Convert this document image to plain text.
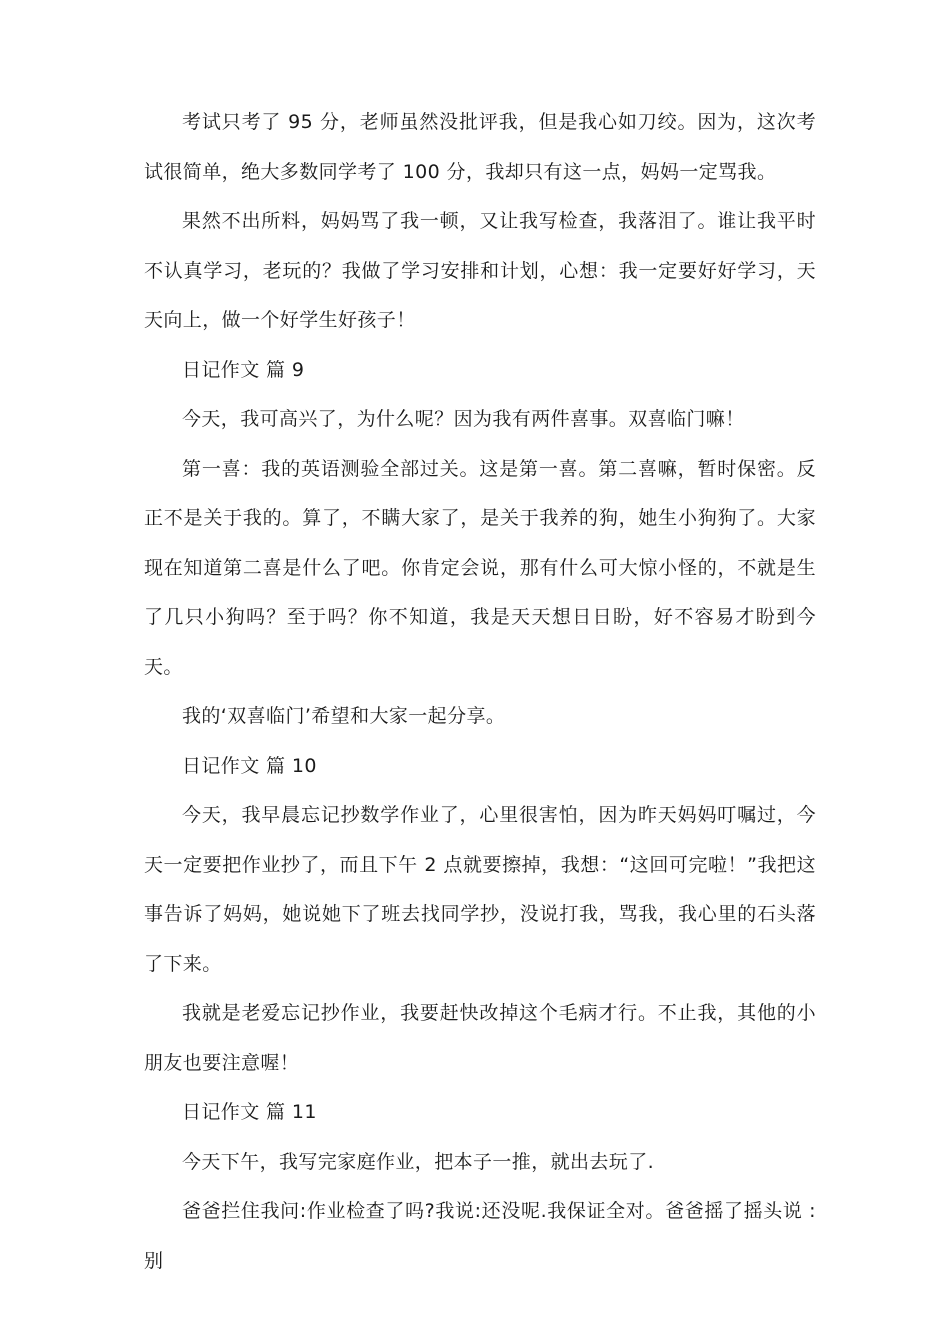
考试只考了 95 分，老师虽然没批评我，但是我心如刀绞。因为，这次考试很简单，绝大多数同学考了 100 分，我却只有这一点，妈妈一定骂我。

果然不出所料，妈妈骂了我一顿，又让我写检查，我落泪了。谁让我平时不认真学习，老玩的？我做了学习安排和计划，心想：我一定要好好学习，天天向上，做一个好学生好孩子！

日记作文 篇 9

今天，我可高兴了，为什么呢？因为我有两件喜事。双喜临门嘛！

第一喜：我的英语测验全部过关。这是第一喜。第二喜嘛，暂时保密。反正不是关于我的。算了，不瞒大家了，是关于我养的狗，她生小狗狗了。大家现在知道第二喜是什么了吧。你肯定会说，那有什么可大惊小怪的，不就是生了几只小狗吗？至于吗？你不知道，我是天天想日日盼，好不容易才盼到今天。

我的‘双喜临门’希望和大家一起分享。

日记作文 篇 10

今天，我早晨忘记抄数学作业了，心里很害怕，因为昨天妈妈叮嘱过，今天一定要把作业抄了，而且下午 2 点就要擦掉，我想：“这回可完啦！”我把这事告诉了妈妈，她说她下了班去找同学抄，没说打我，骂我，我心里的石头落了下来。

我就是老爱忘记抄作业，我要赶快改掉这个毛病才行。不止我，其他的小朋友也要注意喔！

日记作文 篇 11

今天下午，我写完家庭作业，把本子一推，就出去玩了.

爸爸拦住我问:作业检查了吗?我说:还没呢.我保证全对。爸爸摇了摇头说 :别
